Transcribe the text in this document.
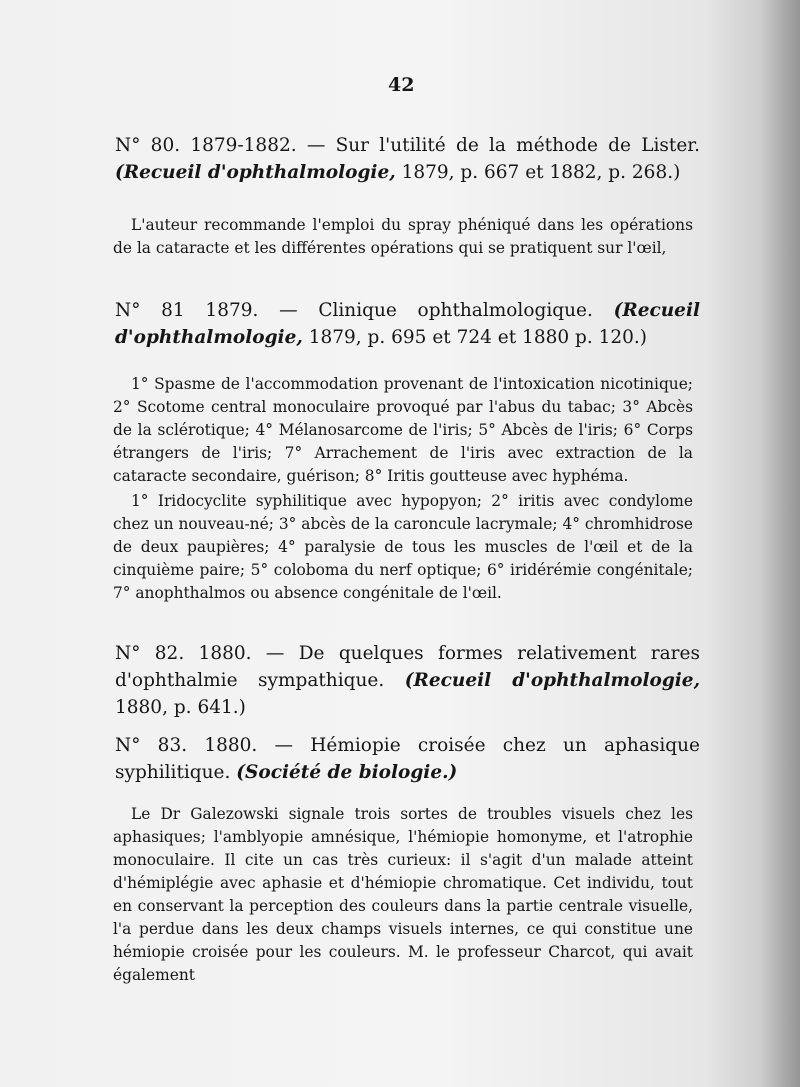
42
N° 80. 1879-1882. — Sur l'utilité de la méthode de Lister. (Recueil d'ophthalmologie, 1879, p. 667 et 1882, p. 268.)

L'auteur recommande l'emploi du spray phéniqué dans les opérations de la cataracte et les différentes opérations qui se pratiquent sur l'œil,

N° 81 1879. — Clinique ophthalmologique. (Recueil d'ophthalmologie, 1879, p. 695 et 724 et 1880 p. 120.)

1° Spasme de l'accommodation provenant de l'intoxication nicotinique; 2° Scotome central monoculaire provoqué par l'abus du tabac; 3° Abcès de la sclérotique; 4° Mélanosarcome de l'iris; 5° Abcès de l'iris; 6° Corps étrangers de l'iris; 7° Arrachement de l'iris avec extraction de la cataracte secondaire, guérison; 8° Iritis goutteuse avec hyphéma.

1° Iridocyclite syphilitique avec hypopyon; 2° iritis avec condylome chez un nouveau-né; 3° abcès de la caroncule lacrymale; 4° chromhidrose de deux paupières; 4° paralysie de tous les muscles de l'œil et de la cinquième paire; 5° coloboma du nerf optique; 6° iridérémie congénitale; 7° anophthalmos ou absence congénitale de l'œil.

N° 82. 1880. — De quelques formes relativement rares d'ophthalmie sympathique. (Recueil d'ophthalmologie, 1880, p. 641.)
N° 83. 1880. — Hémiopie croisée chez un aphasique syphilitique. (Société de biologie.)

Le Dr Galezowski signale trois sortes de troubles visuels chez les aphasiques; l'amblyopie amnésique, l'hémiopie homonyme, et l'atrophie monoculaire. Il cite un cas très curieux: il s'agit d'un malade atteint d'hémiplégie avec aphasie et d'hémiopie chromatique. Cet individu, tout en conservant la perception des couleurs dans la partie centrale visuelle, l'a perdue dans les deux champs visuels internes, ce qui constitue une hémiopie croisée pour les couleurs. M. le professeur Charcot, qui avait également
